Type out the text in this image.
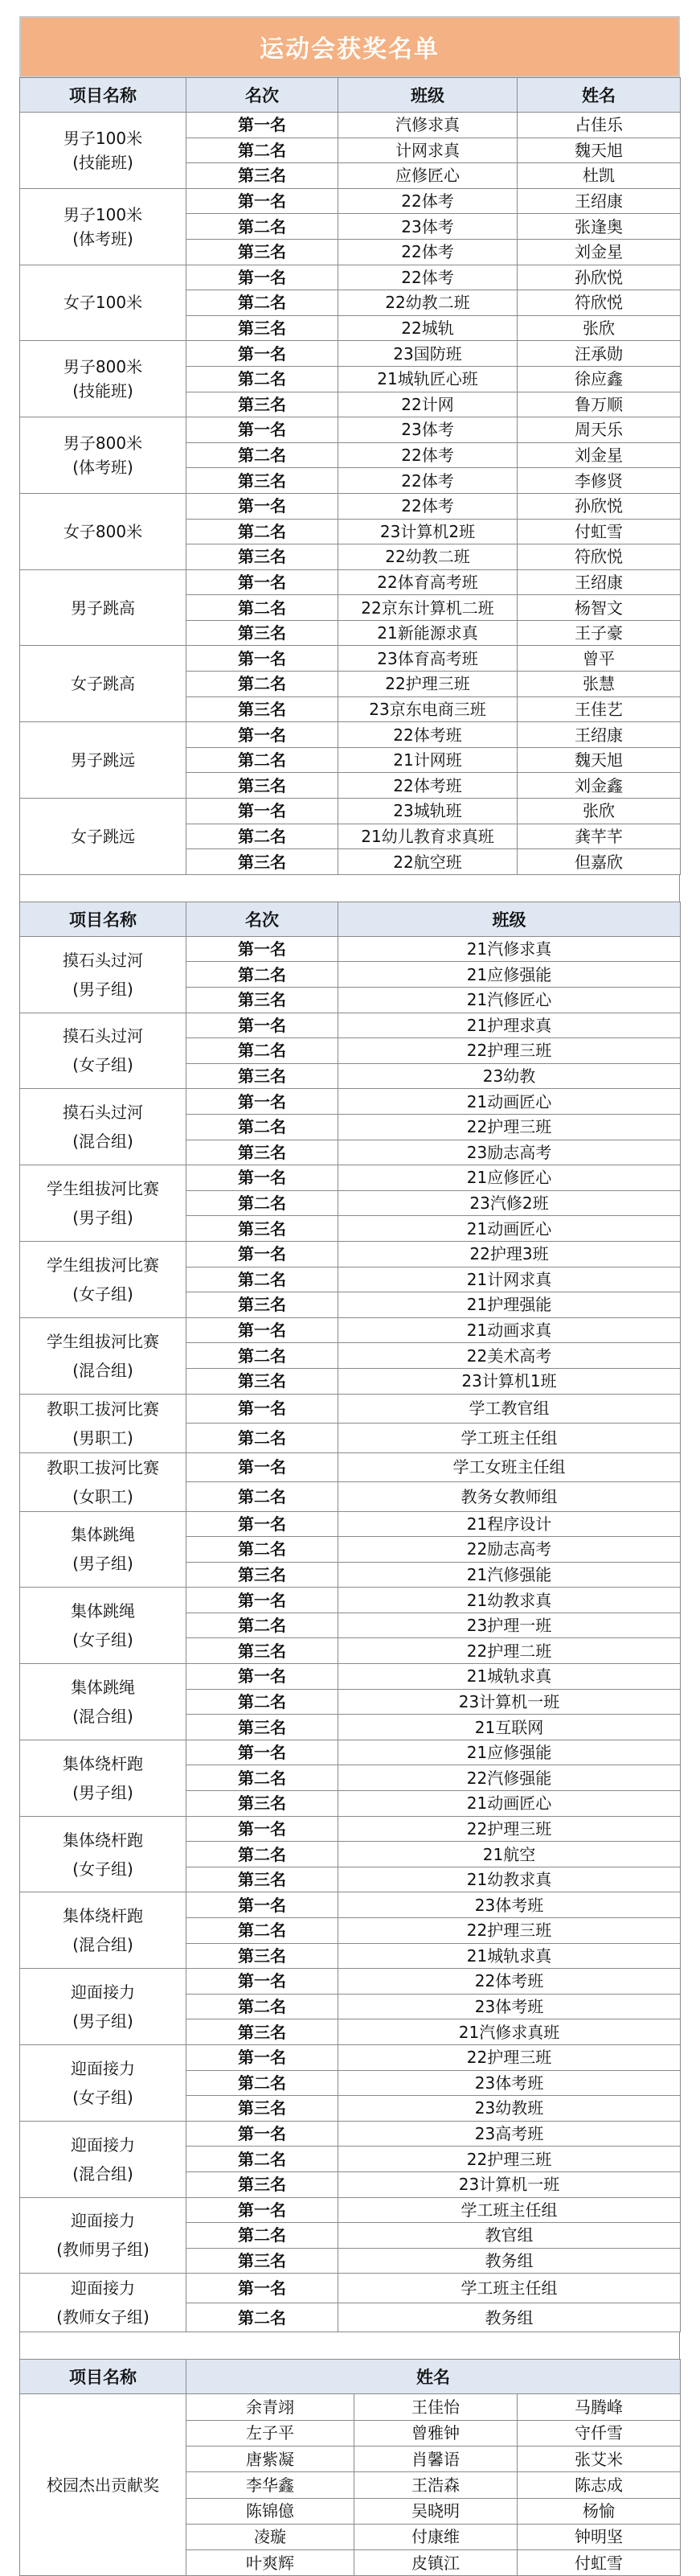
运动会获奖名单
项目名称	名次	班级	姓名

男子100米
(技能班)	第一名	汽修求真	占佳乐
	第二名	计网求真	魏天旭
	第三名	应修匠心	杜凯

男子100米
(体考班)	第一名	22体考	王绍康
	第二名	23体考	张逢奥
	第三名	22体考	刘金星

女子100米	第一名	22体考	孙欣悦
	第二名	22幼教二班	符欣悦
	第三名	22城轨	张欣

男子800米
(技能班)	第一名	23国防班	汪承勋
	第二名	21城轨匠心班	徐应鑫
	第三名	22计网	鲁万顺

男子800米
(体考班)	第一名	23体考	周天乐
	第二名	22体考	刘金星
	第三名	22体考	李修贤

女子800米	第一名	22体考	孙欣悦
	第二名	23计算机2班	付虹雪
	第三名	22幼教二班	符欣悦

男子跳高	第一名	22体育高考班	王绍康
	第二名	22京东计算机二班	杨智文
	第三名	21新能源求真	王子豪

女子跳高	第一名	23体育高考班	曾平
	第二名	22护理三班	张慧
	第三名	23京东电商三班	王佳艺

男子跳远	第一名	22体考班	王绍康
	第二名	21计网班	魏天旭
	第三名	22体考班	刘金鑫

女子跳远	第一名	23城轨班	张欣
	第二名	21幼儿教育求真班	龚芊芊
	第三名	22航空班	但嘉欣
项目名称	名次	班级

摸石头过河
(男子组)	第一名	21汽修求真
	第二名	21应修强能
	第三名	21汽修匠心

摸石头过河
(女子组)	第一名	21护理求真
	第二名	22护理三班
	第三名	23幼教

摸石头过河
(混合组)	第一名	21动画匠心
	第二名	22护理三班
	第三名	23励志高考

学生组拔河比赛
(男子组)	第一名	21应修匠心
	第二名	23汽修2班
	第三名	21动画匠心

学生组拔河比赛
(女子组)	第一名	22护理3班
	第二名	21计网求真
	第三名	21护理强能

学生组拔河比赛
(混合组)	第一名	21动画求真
	第二名	22美术高考
	第三名	23计算机1班

教职工拔河比赛
(男职工)	第一名	学工教官组
	第二名	学工班主任组

教职工拔河比赛
(女职工)	第一名	学工女班主任组
	第二名	教务女教师组

集体跳绳
(男子组)	第一名	21程序设计
	第二名	22励志高考
	第三名	21汽修强能

集体跳绳
(女子组)	第一名	21幼教求真
	第二名	23护理一班
	第三名	22护理二班

集体跳绳
(混合组)	第一名	21城轨求真
	第二名	23计算机一班
	第三名	21互联网

集体绕杆跑
(男子组)	第一名	21应修强能
	第二名	22汽修强能
	第三名	21动画匠心

集体绕杆跑
(女子组)	第一名	22护理三班
	第二名	21航空
	第三名	21幼教求真

集体绕杆跑
(混合组)	第一名	23体考班
	第二名	22护理三班
	第三名	21城轨求真

迎面接力
(男子组)	第一名	22体考班
	第二名	23体考班
	第三名	21汽修求真班

迎面接力
(女子组)	第一名	22护理三班
	第二名	23体考班
	第三名	23幼教班

迎面接力
(混合组)	第一名	23高考班
	第二名	22护理三班
	第三名	23计算机一班

迎面接力
(教师男子组)	第一名	学工班主任组
	第二名	教官组
	第三名	教务组

迎面接力
(教师女子组)	第一名	学工班主任组
	第二名	教务组
项目名称	姓名		
校园杰出贡献奖	余青翊	王佳怡	马腾峰
	左子平	曾雅钟	守仟雪
	唐紫凝	肖馨语	张艾米
	李华鑫	王浩森	陈志成
	陈锦億	吴晓明	杨愉
	凌璇	付康维	钟明坚
	叶爽辉	皮镇江	付虹雪
